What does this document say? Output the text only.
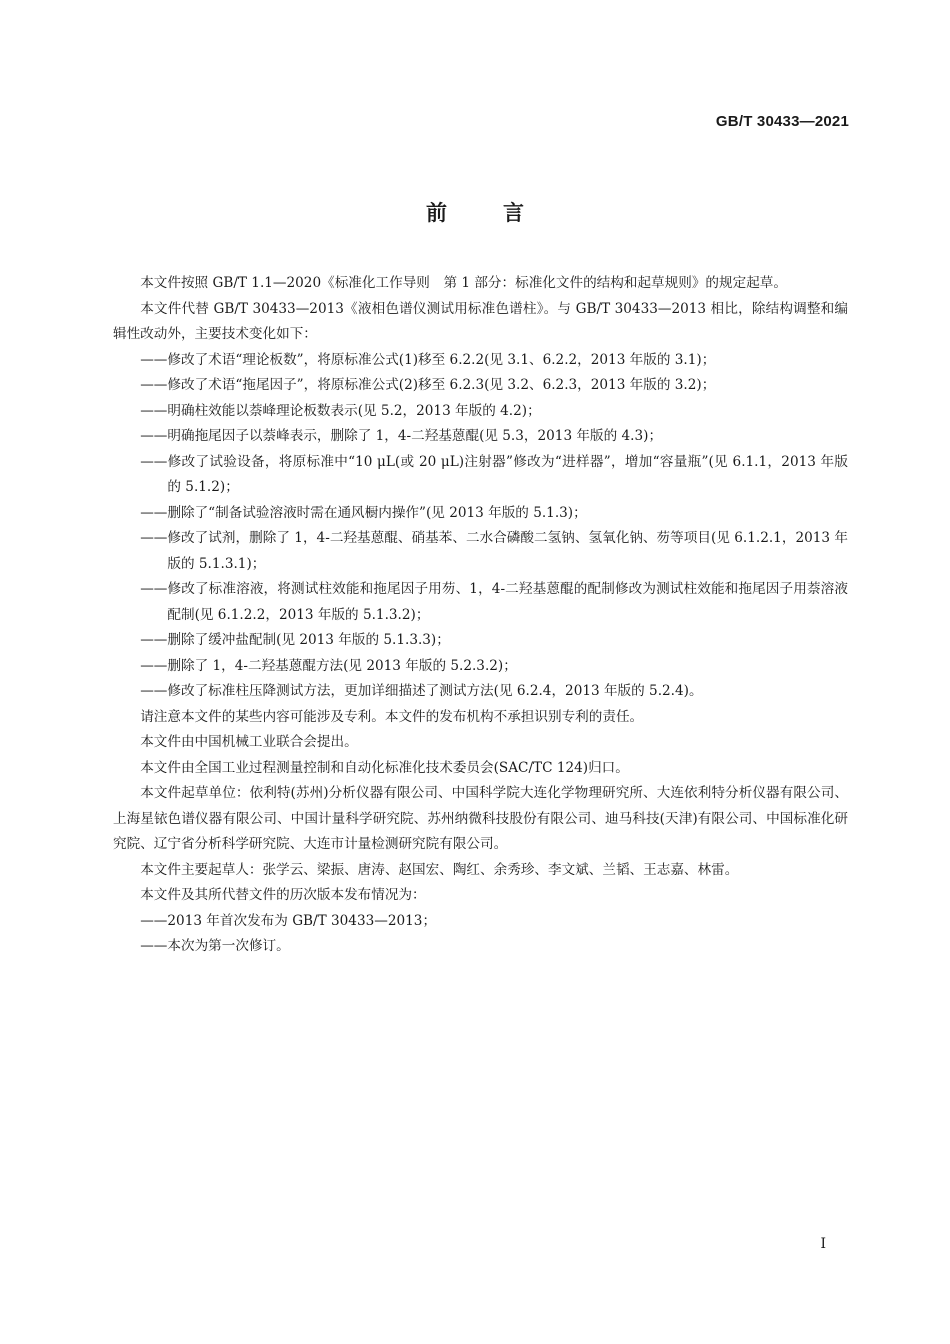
GB/T 30433—2021
前言

本文件按照 GB/T 1.1—2020《标准化工作导则　第 1 部分：标准化文件的结构和起草规则》的规定起草。

本文件代替 GB/T 30433—2013《液相色谱仪测试用标准色谱柱》。与 GB/T 30433—2013 相比，除结构调整和编辑性改动外，主要技术变化如下：

——修改了术语“理论板数”，将原标准公式(1)移至 6.2.2(见 3.1、6.2.2，2013 年版的 3.1)；

——修改了术语“拖尾因子”，将原标准公式(2)移至 6.2.3(见 3.2、6.2.3，2013 年版的 3.2)；

——明确柱效能以萘峰理论板数表示(见 5.2，2013 年版的 4.2)；

——明确拖尾因子以萘峰表示，删除了 1，4-二羟基蒽醌(见 5.3，2013 年版的 4.3)；

——修改了试验设备，将原标准中“10 μL(或 20 μL)注射器”修改为“进样器”，增加“容量瓶”(见 6.1.1，2013 年版的 5.1.2)；

——删除了“制备试验溶液时需在通风橱内操作”(见 2013 年版的 5.1.3)；

——修改了试剂，删除了 1，4-二羟基蒽醌、硝基苯、二水合磷酸二氢钠、氢氧化钠、芴等项目(见 6.1.2.1，2013 年版的 5.1.3.1)；

——修改了标准溶液，将测试柱效能和拖尾因子用芴、1，4-二羟基蒽醌的配制修改为测试柱效能和拖尾因子用萘溶液配制(见 6.1.2.2，2013 年版的 5.1.3.2)；

——删除了缓冲盐配制(见 2013 年版的 5.1.3.3)；

——删除了 1，4-二羟基蒽醌方法(见 2013 年版的 5.2.3.2)；

——修改了标准柱压降测试方法，更加详细描述了测试方法(见 6.2.4，2013 年版的 5.2.4)。

请注意本文件的某些内容可能涉及专利。本文件的发布机构不承担识别专利的责任。

本文件由中国机械工业联合会提出。

本文件由全国工业过程测量控制和自动化标准化技术委员会(SAC/TC 124)归口。

本文件起草单位：依利特(苏州)分析仪器有限公司、中国科学院大连化学物理研究所、大连依利特分析仪器有限公司、上海星铱色谱仪器有限公司、中国计量科学研究院、苏州纳微科技股份有限公司、迪马科技(天津)有限公司、中国标准化研究院、辽宁省分析科学研究院、大连市计量检测研究院有限公司。

本文件主要起草人：张学云、梁振、唐涛、赵国宏、陶红、余秀珍、李文斌、兰韬、王志嘉、林雷。

本文件及其所代替文件的历次版本发布情况为：

——2013 年首次发布为 GB/T 30433—2013；

——本次为第一次修订。

I
